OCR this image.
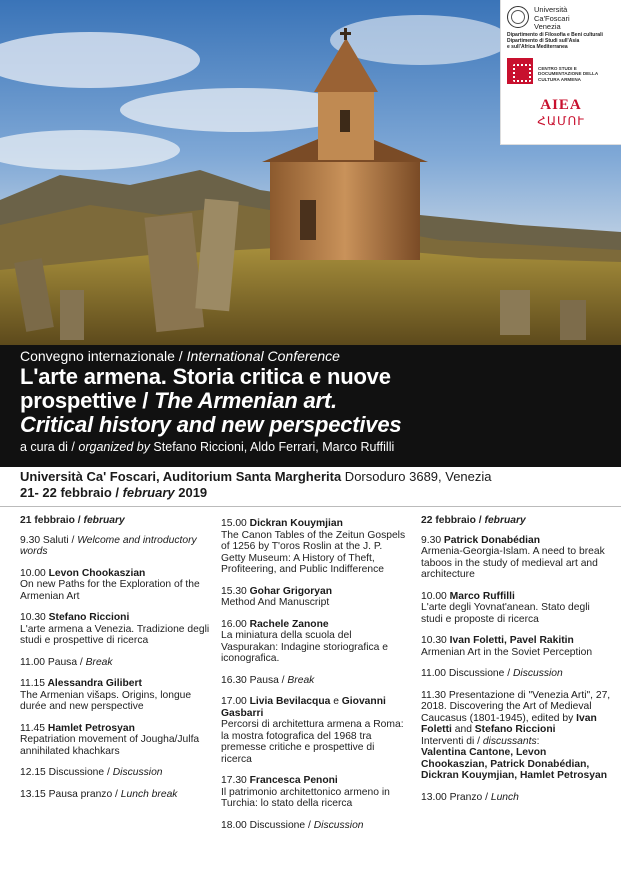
Università
Ca'Foscari
Venezia
Dipartimento di Filosofia e Beni culturali
Dipartimento di Studi sull'Asia
e sull'Africa Mediterranea
CENTRO STUDI E
DOCUMENTAZIONE DELLA
CULTURA ARMENA
AIEA
ՀԱՄՈՒ
Convegno internazionale / International Conference
L'arte armena. Storia critica e nuove
prospettive / The Armenian art.
Critical history and new perspectives
a cura di / organized by Stefano Riccioni, Aldo Ferrari, Marco Ruffilli
Università Ca' Foscari, Auditorium Santa Margherita Dorsoduro 3689, Venezia
21- 22 febbraio / february 2019
21 febbraio / february
9.30 Saluti / Welcome and introductory words
10.00 Levon Chookaszian
On new Paths for the Exploration of the Armenian Art
10.30 Stefano Riccioni
L'arte armena a Venezia. Tradizione degli studi e prospettive di ricerca
11.00 Pausa / Break
11.15 Alessandra Gilibert
The Armenian višaps. Origins, longue durée and new perspective
11.45 Hamlet Petrosyan
Repatriation movement of Jougha/Julfa annihilated khachkars
12.15 Discussione / Discussion
13.15 Pausa pranzo / Lunch break
15.00 Dickran Kouymjian
The Canon Tables of the Zeitun Gospels of 1256 by T'oros Roslin at the J. P. Getty Museum: A History of Theft, Profiteering, and Public Indifference
15.30 Gohar Grigoryan
Method And Manuscript
16.00 Rachele Zanone
La miniatura della scuola del Vaspurakan: Indagine storiografica e iconografica.
16.30 Pausa / Break
17.00 Livia Bevilacqua e Giovanni Gasbarri
Percorsi di architettura armena a Roma: la mostra fotografica del 1968 tra premesse critiche e prospettive di ricerca
17.30 Francesca Penoni
Il patrimonio architettonico armeno in Turchia: lo stato della ricerca
18.00 Discussione / Discussion
22 febbraio / february
9.30 Patrick Donabédian
Armenia-Georgia-Islam. A need to break taboos in the study of medieval art and architecture
10.00 Marco Ruffilli
L'arte degli Yovnat'anean. Stato degli studi e proposte di ricerca
10.30 Ivan Foletti, Pavel Rakitin
Armenian Art in the Soviet Perception
11.00 Discussione / Discussion
11.30 Presentazione di "Venezia Arti", 27, 2018. Discovering the Art of Medieval Caucasus (1801-1945), edited by Ivan Foletti and Stefano Riccioni
Interventi di / discussants:
Valentina Cantone, Levon Chookaszian, Patrick Donabédian, Dickran Kouymjian, Hamlet Petrosyan
13.00 Pranzo / Lunch
